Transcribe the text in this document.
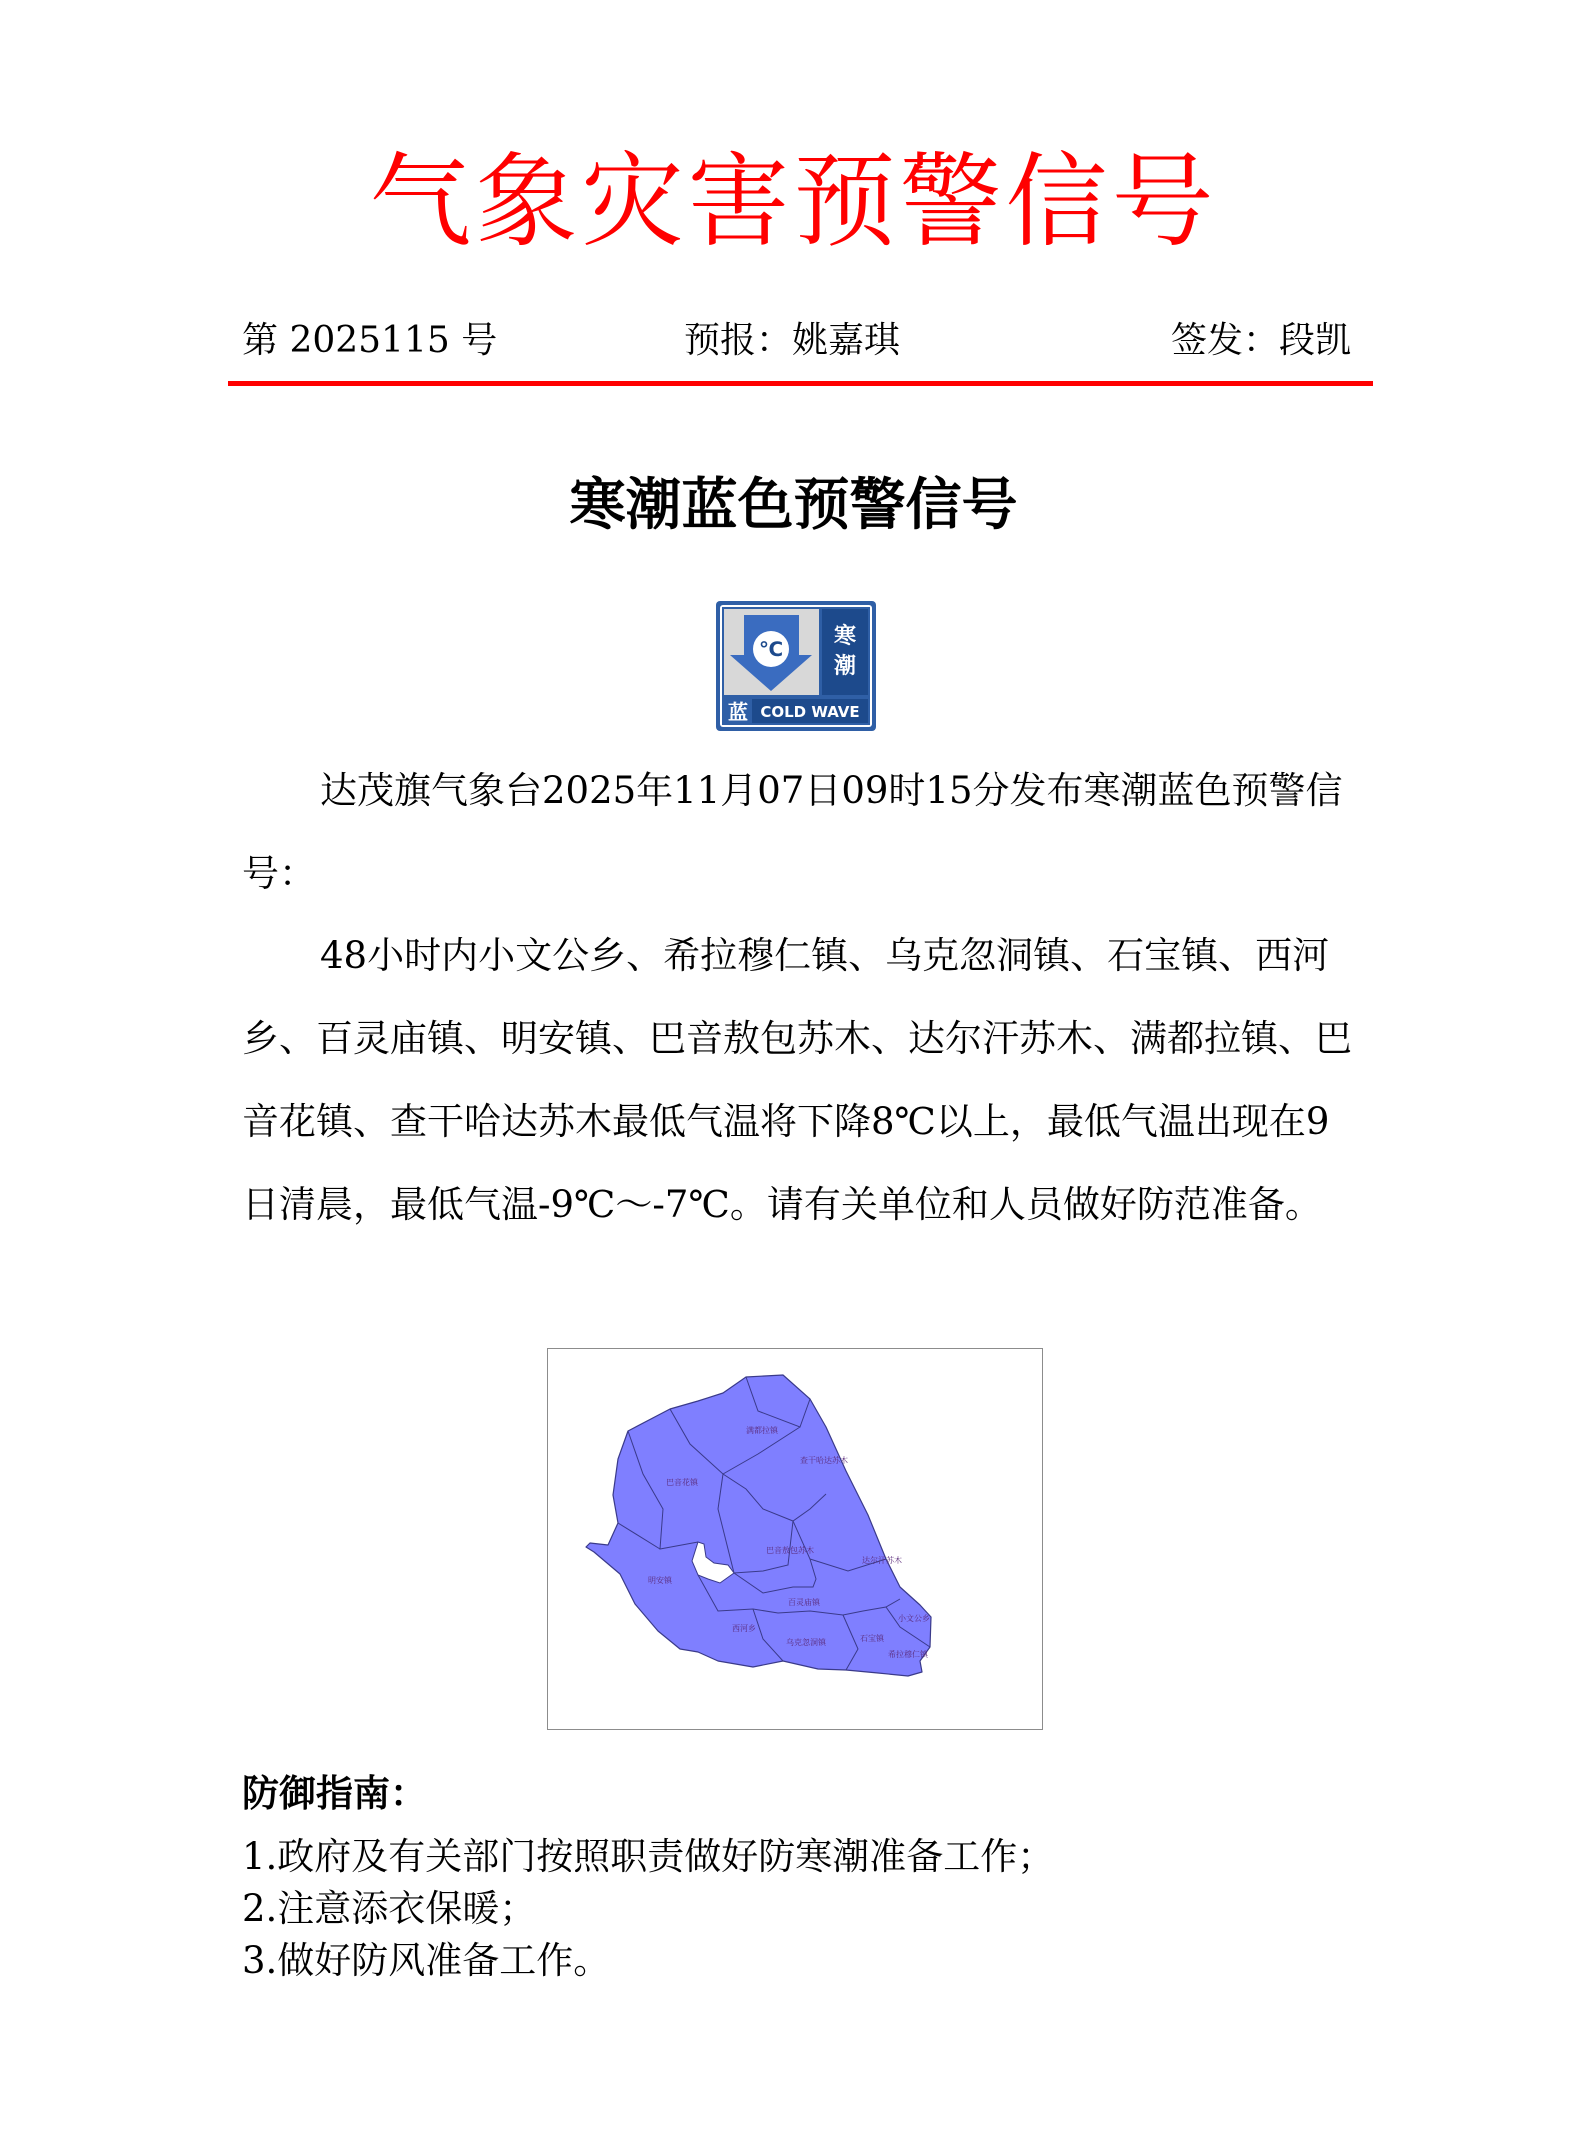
气象灾害预警信号
第 2025115 号	预报：姚嘉琪	签发：段凯
寒潮蓝色预警信号
℃ 寒
潮
蓝 COLD WAVE

达茂旗气象台2025年11月07日09时15分发布寒潮蓝色预警信号：

48小时内小文公乡、希拉穆仁镇、乌克忽洞镇、石宝镇、西河乡、百灵庙镇、明安镇、巴音敖包苏木、达尔汗苏木、满都拉镇、巴音花镇、查干哈达苏木最低气温将下降8℃以上，最低气温出现在9日清晨，最低气温-9℃～-7℃。请有关单位和人员做好防范准备。

满都拉镇
查干哈达苏木
巴音花镇
巴音敖包苏木
达尔汗苏木
明安镇
百灵庙镇
西河乡
乌克忽洞镇	石宝镇
小文公乡
希拉穆仁镇
防御指南：
1.政府及有关部门按照职责做好防寒潮准备工作；
2.注意添衣保暖；
3.做好防风准备工作。
